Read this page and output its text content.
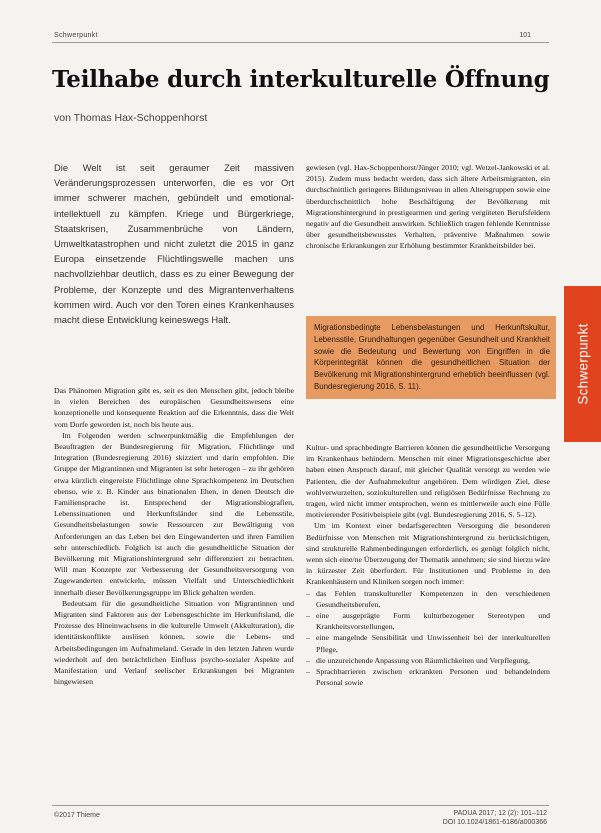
Schwerpunkt	101
Teilhabe durch interkulturelle Öffnung
von Thomas Hax-Schoppenhorst
Die Welt ist seit geraumer Zeit massiven Veränderungsprozessen unterworfen, die es vor Ort immer schwerer machen, gebündelt und emotional-intellektuell zu kämpfen. Kriege und Bürgerkriege, Staatskrisen, Zusammenbrüche von Ländern, Umweltkatastrophen und nicht zuletzt die 2015 in ganz Europa einsetzende Flüchtlingswelle machen uns nachvollziehbar deutlich, dass es zu einer Bewegung der Probleme, der Konzepte und des Migrantenverhaltens kommen wird. Auch vor den Toren eines Krankenhauses macht diese Entwicklung keineswegs Halt.

Das Phänomen Migration gibt es, seit es den Menschen gibt, jedoch bleibe in vielen Bereichen des europäischen Gesundheitswesens eine konzeptionelle und konsequente Reaktion auf die Erkenntnis, dass die Welt vom Dorfe geworden ist, noch bis heute aus.

Im Folgenden werden schwerpunktmäßig die Empfehlungen der Beauftragten der Bundesregierung für Migration, Flüchtlinge und Integration (Bundesregierung 2016) skizziert und darin empfohlen. Die Gruppe der Migrantinnen und Migranten ist sehr heterogen – zu ihr gehören etwa kürzlich eingereiste Flüchtlinge ohne Sprachkompetenz im Deutschen ebenso, wie z. B. Kinder aus binationalen Ehen, in denen Deutsch die Familiensprache ist. Entsprechend der Migrationsbiografien, Lebenssituationen und Herkunftsländer sind die Lebensstile, Gesundheitsbelastungen sowie Ressourcen zur Bewältigung von Anforderungen an das Leben bei den Eingewanderten und ihren Familien sehr unterschiedlich. Folglich ist auch die gesundheitliche Situation der Bevölkerung mit Migrationshintergrund sehr differenziert zu betrachten. Will man Konzepte zur Verbesserung der Gesundheitsversorgung von Zugewanderten entwickeln, müssen Vielfalt und Unterschiedlichkeit innerhalb dieser Bevölkerungsgruppe im Blick gehalten werden.

Bedeutsam für die gesundheitliche Situation von Migrantinnen und Migranten sind Faktoren aus der Lebensgeschichte im Herkunftsland, die Prozesse des Hineinwachsens in die kulturelle Umwelt (Akkulturation), die identitätskonflikte auslösen können, sowie die Lebens- und Arbeitsbedingungen im Aufnahmeland. Gerade in den letzten Jahren wurde wiederholt auf den beträchtlichen Einfluss psycho-sozialer Aspekte auf Manifestation und Verlauf seelischer Erkrankungen bei Migranten hingewiesen

gewiesen (vgl. Hax-Schoppenhorst/Jünger 2010; vgl. Wetzel-Jankowski et al. 2015). Zudem muss bedacht werden, dass sich ältere Arbeitsmigranten, ein durchschnittlich geringeres Bildungsniveau in allen Altersgruppen sowie eine überdurchschnittlich hohe Beschäftigung der Bevölkerung mit Migrationshintergrund in prestigearmen und gering vergüteten Berufsfeldern negativ auf die Gesundheit auswirken. Schließlich tragen fehlende Kenntnisse über gesundheitsbewusstes Verhalten, präventive Maßnahmen sowie chronische Erkrankungen zur Erhöhung bestimmter Krankheitsbilder bei.

Migrationsbedingte Lebensbelastungen und Herkunftskultur, Lebensstile, Grundhaltungen gegenüber Gesundheit und Krankheit sowie die Bedeutung und Bewertung von Eingriffen in die Körperintegrität können die gesundheitlichen Situation der Bevölkerung mit Migrationshintergrund erheblich beeinflussen (vgl. Bundesregierung 2016, S. 11).

Kultur- und sprachbedingte Barrieren können die gesundheitliche Versorgung im Krankenhaus behindern. Menschen mit einer Migrationsgeschichte aber haben einen Anspruch darauf, mit gleicher Qualität versorgt zu werden wie Patienten, die der Aufnahmekultur angehören. Dem würdigen Ziel, diese wohlverwurzelten, soziokulturellen und religiösen Bedürfnisse Rechnung zu tragen, wird nicht immer entsprochen, wenn es mittlerweile auch eine Fülle motivierender Positivbeispiele gibt (vgl. Bundesregierung 2016, S. 5–12).

Um im Kontext einer bedarfsgerechten Versorgung die besonderen Bedürfnisse von Menschen mit Migrationshintergrund zu berücksichtigen, sind strukturelle Rahmenbedingungen erforderlich, es genügt folglich nicht, wenn sich eine/ne Überzeugung der Thematik annehmen; sie sind hierzu wäre in kürzester Zeit überfordert. Für Institutionen und Probleme in den Krankenhäusern und Kliniken sorgen noch immer:

– das Fehlen transkultureller Kompetenzen in den verschiedenen Gesundheitsberufen,
– eine ausgeprägte Form kulturbezogener Stereotypen und Krankheitsvorstellungen,
– eine mangelnde Sensibilität und Unwissenheit bei der interkulturellen Pflege,
– die unzureichende Anpassung von Räumlichkeiten und Verpflegung,
– Sprachbarrieren zwischen erkrankten Personen und behandelndem Personal sowie
Schwerpunkt
©2017 Thieme	PADUA 2017; 12 (2): 101–112
DOI 10.1024/1861-6186/a000366
